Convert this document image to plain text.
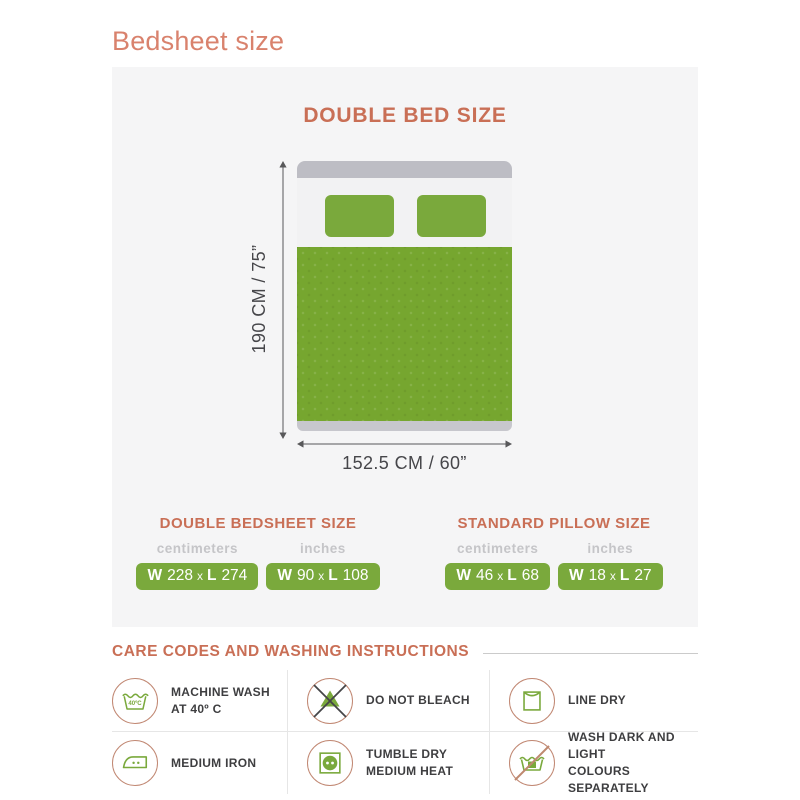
Bedsheet size
DOUBLE BED SIZE
190 CM / 75”
152.5 CM / 60”
DOUBLE BEDSHEET SIZE
centimeters
W 228 x L 274
inches
W 90 x L 108
STANDARD PILLOW SIZE
centimeters
W 46 x L 68
inches
W 18 x L 27
CARE CODES AND WASHING INSTRUCTIONS
40ºC
MACHINE WASH
AT 40º C
DO NOT BLEACH	LINE DRY
MEDIUM IRON
TUMBLE DRY
MEDIUM HEAT
WASH DARK AND LIGHT
COLOURS SEPARATELY
